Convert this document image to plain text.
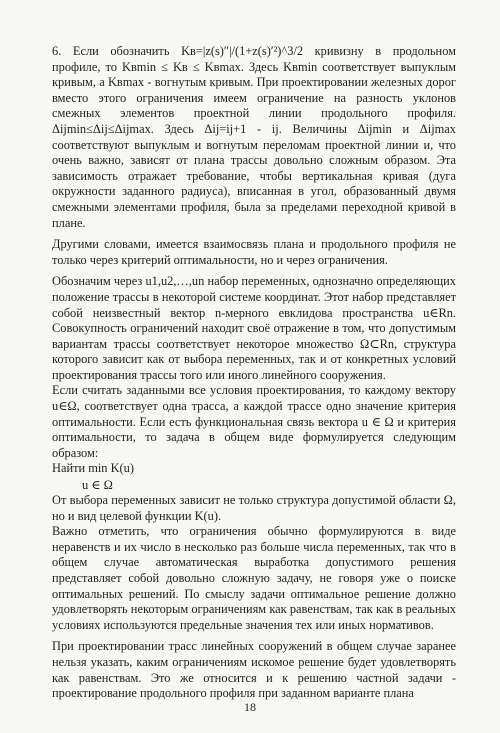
6. Если обозначить Kв=|z(s)″|/(1+z(s)′²)^3/2 кривизну в продольном профиле, то Kвmin ≤ Kв ≤ Kвmax. Здесь Kвmin соответствует выпуклым кривым, а Kвmax - вогнутым кривым. При проектировании железных дорог вместо этого ограничения имеем ограничение на разность уклонов смежных элементов проектной линии продольного профиля. Δijmin≤Δij≤Δijmax. Здесь Δij=ij+1 - ij. Величины Δijmin и Δijmax соответствуют выпуклым и вогнутым переломам проектной линии и, что очень важно, зависят от плана трассы довольно сложным образом. Эта зависимость отражает требование, чтобы вертикальная кривая (дуга окружности заданного радиуса), вписанная в угол, образованный двумя смежными элементами профиля, была за пределами переходной кривой в плане.

Другими словами, имеется взаимосвязь плана и продольного профиля не только через критерий оптимальности, но и через ограничения.

Обозначим через u1,u2,…,un набор переменных, однозначно определяющих положение трассы в некоторой системе координат. Этот набор представляет собой неизвестный вектор n-мерного евклидова пространства u∈Rn. Совокупность ограничений находит своё отражение в том, что допустимым вариантам трассы соответствует некоторое множество Ω⊂Rn, структура которого зависит как от выбора переменных, так и от конкретных условий проектирования трассы того или иного линейного сооружения.

Если считать заданными все условия проектирования, то каждому вектору u∈Ω, соответствует одна трасса, а каждой трассе одно значение критерия оптимальности. Если есть функциональная связь вектора u ∈ Ω и критерия оптимальности, то задача в общем виде формулируется следующим образом:

Найти min K(u)

u ∈ Ω

От выбора переменных зависит не только структура допустимой области Ω, но и вид целевой функции K(u).

Важно отметить, что ограничения обычно формулируются в виде неравенств и их число в несколько раз больше числа переменных, так что в общем случае автоматическая выработка допустимого решения представляет собой довольно сложную задачу, не говоря уже о поиске оптимальных решений. По смыслу задачи оптимальное решение должно удовлетворять некоторым ограничениям как равенствам, так как в реальных условиях используются предельные значения тех или иных нормативов.

При проектировании трасс линейных сооружений в общем случае заранее нельзя указать, каким ограничениям искомое решение будет удовлетворять как равенствам. Это же относится и к решению частной задачи - проектирование продольного профиля при заданном варианте плана

18
